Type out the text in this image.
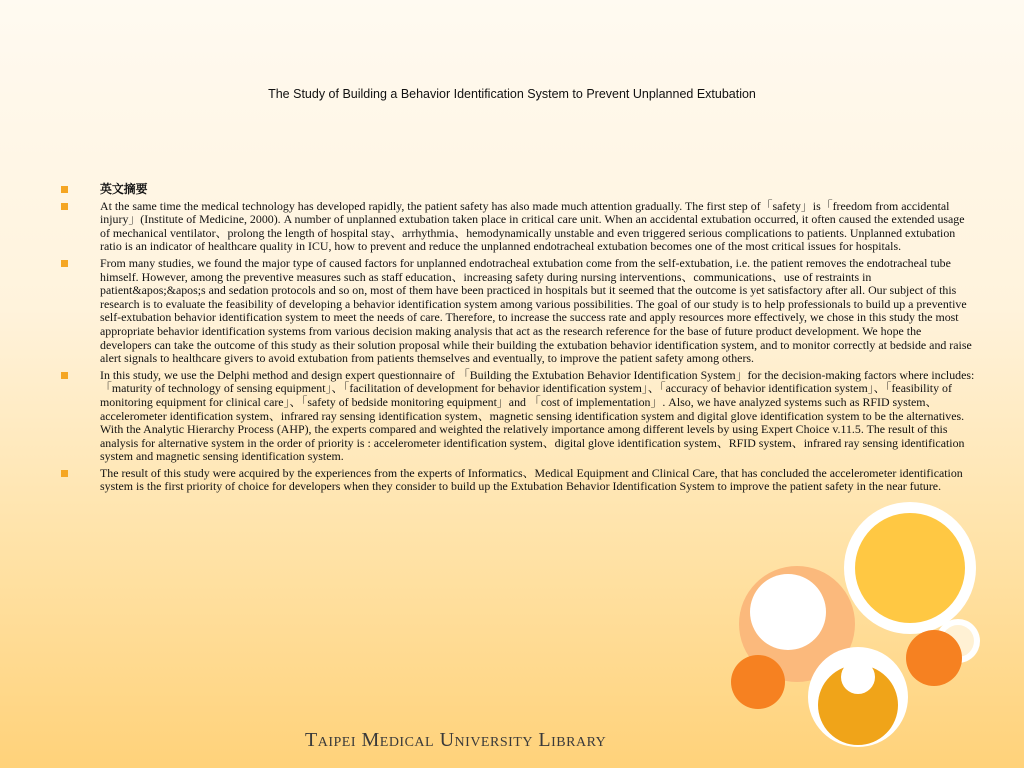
The Study of Building a Behavior Identification System to Prevent Unplanned Extubation
英文摘要
At the same time the medical technology has developed rapidly, the patient safety has also made much attention gradually. The first step of「safety」is「freedom from accidental injury」(Institute of Medicine, 2000). A number of unplanned extubation taken place in critical care unit. When an accidental extubation occurred, it often caused the extended usage of mechanical ventilator、prolong the length of hospital stay、arrhythmia、hemodynamically unstable and even triggered serious complications to patients. Unplanned extubation ratio is an indicator of healthcare quality in ICU, how to prevent and reduce the unplanned endotracheal extubation becomes one of the most critical issues for hospitals.
From many studies, we found the major type of caused factors for unplanned endotracheal extubation come from the self-extubation, i.e. the patient removes the endotracheal tube himself. However, among the preventive measures such as staff education、increasing safety during nursing interventions、communications、use of restraints in patient&apos;&apos;s and sedation protocols and so on, most of them have been practiced in hospitals but it seemed that the outcome is yet satisfactory after all. Our subject of this research is to evaluate the feasibility of developing a behavior identification system among various possibilities. The goal of our study is to help professionals to build up a preventive self-extubation behavior identification system to meet the needs of care. Therefore, to increase the success rate and apply resources more effectively, we chose in this study the most appropriate behavior identification systems from various decision making analysis that act as the research reference for the base of future product development. We hope the developers can take the outcome of this study as their solution proposal while their building the extubation behavior identification system, and to monitor correctly at bedside and raise alert signals to healthcare givers to avoid extubation from patients themselves and eventually, to improve the patient safety among others.
In this study, we use the Delphi method and design expert questionnaire of 「Building the Extubation Behavior Identification System」for the decision-making factors where includes: 「maturity of technology of sensing equipment」、「facilitation of development for behavior identification system」、「accuracy of behavior identification system」、「feasibility of monitoring equipment for clinical care」、「safety of bedside monitoring equipment」and 「cost of implementation」. Also, we have analyzed systems such as RFID system、accelerometer identification system、infrared ray sensing identification system、magnetic sensing identification system and digital glove identification system to be the alternatives. With the Analytic Hierarchy Process (AHP), the experts compared and weighted the relatively importance among different levels by using Expert Choice v.11.5. The result of this analysis for alternative system in the order of priority is : accelerometer identification system、digital glove identification system、RFID system、infrared ray sensing identification system and magnetic sensing identification system.
The result of this study were acquired by the experiences from the experts of Informatics、Medical Equipment and Clinical Care, that has concluded the accelerometer identification system is the first priority of choice for developers when they consider to build up the Extubation Behavior Identification System to improve the patient safety in the near future.
Taipei Medical University Library
